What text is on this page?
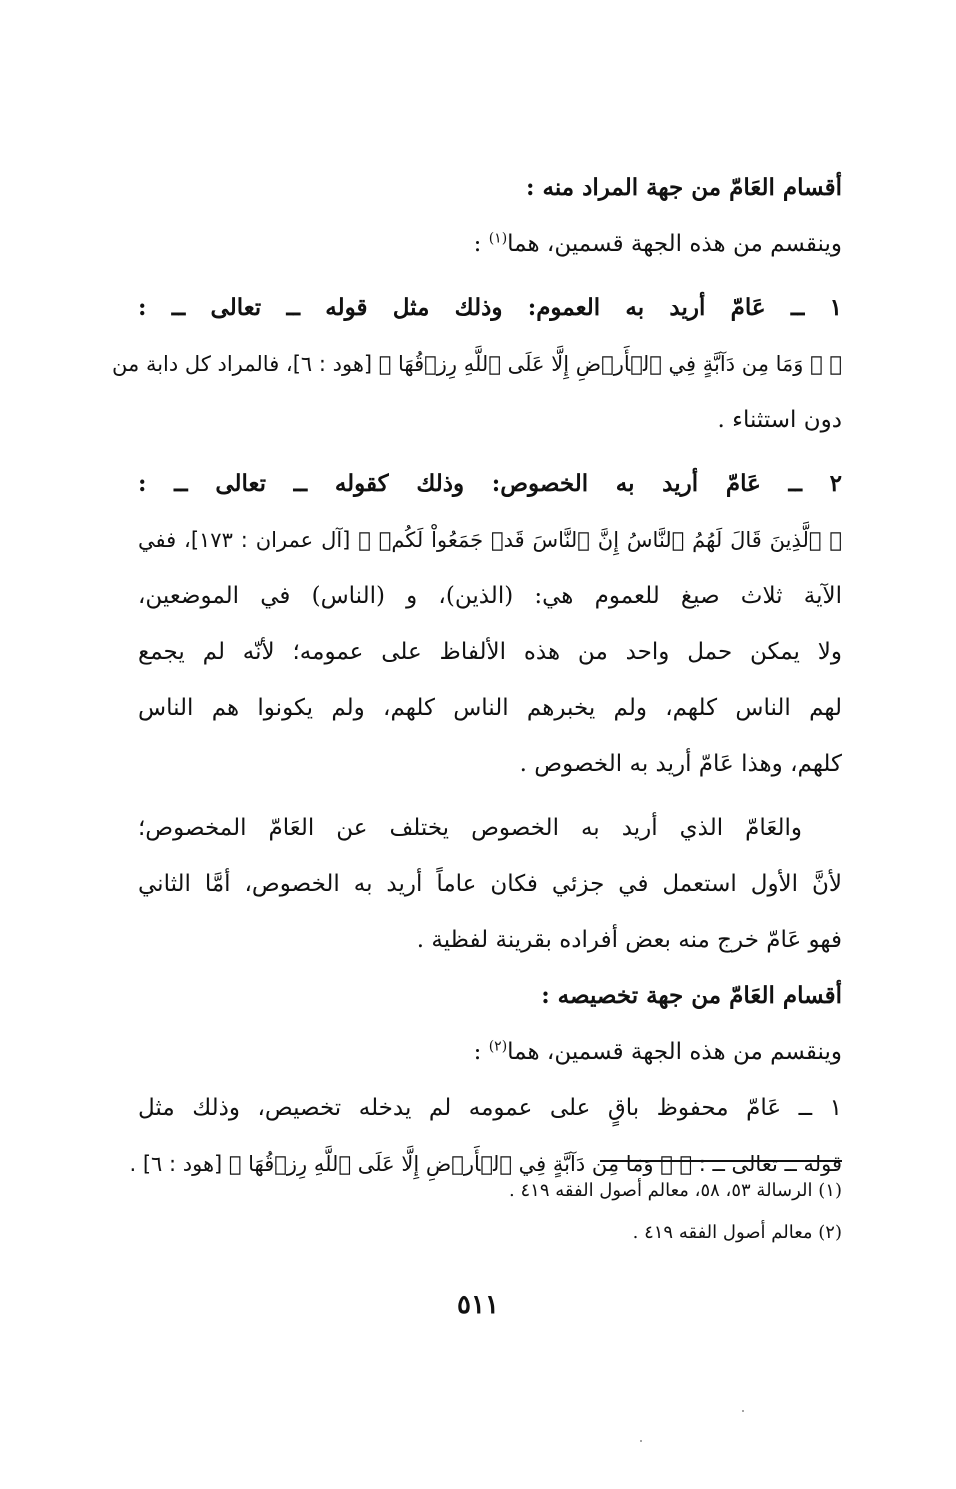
أقسام العَامّ من جهة المراد منه :
وينقسم من هذه الجهة قسمين، هما$^{(١)}$ :
١ ــ عَامّ أريد به العموم: وذلك مثل قوله ــ تعالى ــ :
﴿ ۞ وَمَا مِن دَآبَّةٍ فِي ٱلۡأَرۡضِ إِلَّا عَلَى ٱللَّهِ رِزۡقُهَا ﴾ [هود : ٦]، فالمراد كل دابة من
دون استثناء .
٢ ــ عَامّ أريد به الخصوص: وذلك كقوله ــ تعالى ــ :
﴿ ٱلَّذِينَ قَالَ لَهُمُ ٱلنَّاسُ إِنَّ ٱلنَّاسَ قَدۡ جَمَعُواْ لَكُمۡ ﴾ [آل عمران : ١٧٣]، ففي
الآية ثلاث صيغ للعموم هي: (الذين)، و (الناس) في الموضعين،
ولا يمكن حمل واحد من هذه الألفاظ على عمومه؛ لأنّه لم يجمع
لهم الناس كلهم، ولم يخبرهم الناس كلهم، ولم يكونوا هم الناس
كلهم، وهذا عَامّ أريد به الخصوص .
والعَامّ الذي أريد به الخصوص يختلف عن العَامّ المخصوص؛
لأنَّ الأول استعمل في جزئي فكان عاماً أريد به الخصوص، أمَّا الثاني
فهو عَامّ خرج منه بعض أفراده بقرينة لفظية .
أقسام العَامّ من جهة تخصيصه :
وينقسم من هذه الجهة قسمين، هما$^{(٢)}$ :
١ ــ عَامّ محفوظ باقٍ على عمومه لم يدخله تخصيص، وذلك مثل
قوله ــ تعالى ــ : ﴿ ۞ وَمَا مِن دَآبَّةٍ فِي ٱلۡأَرۡضِ إِلَّا عَلَى ٱللَّهِ رِزۡقُهَا ﴾ [هود : ٦] .
(١) الرسالة ٥٣، ٥٨، معالم أصول الفقه ٤١٩ .
(٢) معالم أصول الفقه ٤١٩ .
٥١١
